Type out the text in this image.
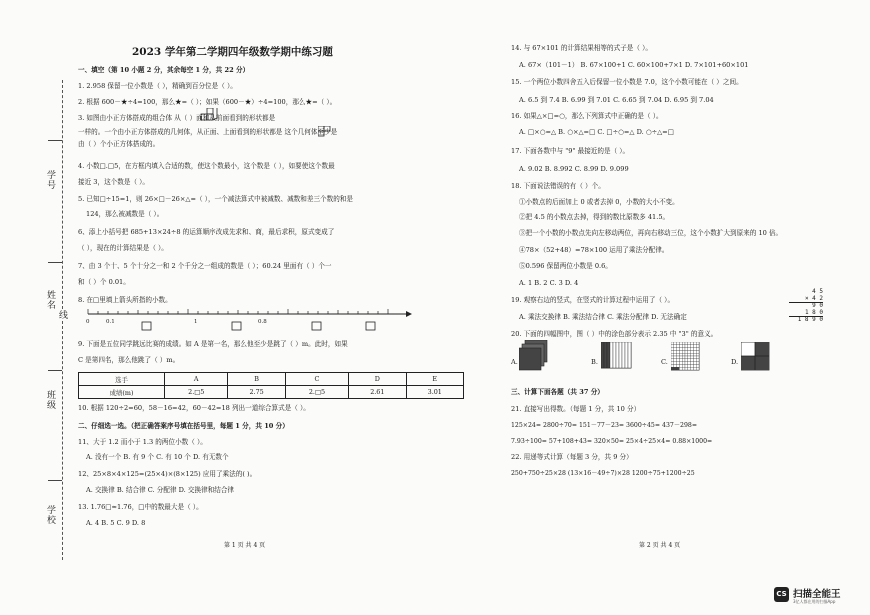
学号
姓名
班级
学校
线
2023 学年第二学期四年级数学期中练习题
一、填空（第 10 小题 2 分，其余每空 1 分，共 22 分）
1. 2.958 保留一位小数是（ ），精确到百分位是（ ）。
2. 根据 600－★÷4=100，那么★=（ ）；如果（600－★）÷4=100，那么★=（ ）。
3. 如图由小正方体搭成的组合体 从（ ）面和从前面看到的形状都是
一样的。一个由小正方体搭成的几何体，从正面、上面看到的形状都是 这个几何体至少是
由（ ）个小正方体搭成的。
4. 小数□.□5，在方框内填入合适的数，使这个数最小，这个数是（ ），如要使这个数最
接近 3，这个数是（ ）。
5. 已知□÷15=1，则 26×□－26×△=（ ），一个减法算式中被减数、减数和差三个数的和是
124，那么被减数是（ ）。
6、添上小括号把 685+13×24÷8 的运算顺序改成先求和、商，最后求积，原式变成了
（ ），现在的计算结果是（ ）。
7、由 3 个十、5 个十分之一和 2 个千分之一组成的数是（ ）；60.24 里面有（ ）个一
和（ ）个 0.01。
8. 在□里填上箭头所指的小数。
0	0.1	1	0.8
9. 下面是五位同学跳远比赛的成绩。如 A 是第一名，那么他至少是跳了（ ）m。此时，如果
C 是第四名，那么他跳了（ ）m。
选手	A	B	C	D	E
成绩(m)	2.□5	2.75	2.□5	2.61	3.01
10. 根据 120÷2=60，58－16=42，60－42=18 列出一道综合算式是（ ）。
二、仔细选一选。（把正确答案序号填在括号里，每题 1 分，共 10 分）
11、大于 1.2 而小于 1.3 的两位小数（ ）。
A. 没有一个 B. 有 9 个 C. 有 10 个 D. 有无数个
12、25×8×4×125=(25×4)×(8×125) 应用了乘法的( )。
A. 交换律 B. 结合律 C. 分配律 D. 交换律和结合律
13. 1.76□≈1.76，□中的数最大是（ ）。
A. 4 B. 5 C. 9 D. 8
第 1 页 共 4 页
14. 与 67×101 的计算结果相等的式子是（ ）。
A. 67×（101－1） B. 67×100+1 C. 60×100+7×1 D. 7×101+60×101
15. 一个两位小数四舍五入后保留一位小数是 7.0，这个小数可能在（ ）之间。
A. 6.5 到 7.4 B. 6.99 到 7.01 C. 6.65 到 7.04 D. 6.95 到 7.04
16. 如果△×□=○，那么下列算式中正确的是（ ）。
A. □×○=△ B. ○×△=□ C. □÷○=△ D. ○÷△=□
17. 下面各数中与 "9" 最接近的是（ ）。
A. 9.02 B. 8.992 C. 8.99 D. 9.099
18. 下面说法错误的有（ ）个。
①小数点的后面加上 0 或者去掉 0，小数的大小不变。
②把 4.5 的小数点去掉，得到的数比原数多 41.5。
③把一个小数的小数点先向左移动两位，再向右移动三位，这个小数扩大到原来的 10 倍。
④78×（52+48）=78×100 运用了乘法分配律。
⑤0.596 保留两位小数是 0.6。
A. 1 B. 2 C. 3 D. 4
19. 观察右边的竖式，在竖式的计算过程中运用了（ ）。
A. 乘法交换律 B. 乘法结合律 C. 乘法分配律 D. 无法确定
4 5
× 4 2
9 0
1 8 0
1 8 9 0
20. 下面的四幅图中，图（ ）中的涂色部分表示 2.35 中 "3" 的意义。
A.	B.	C.	D.
三、计算下面各题（共 37 分）
21. 直接写出得数。（每题 1 分，共 10 分）
125×24= 2800÷70= 151－77－23= 3600÷45= 437－298=
7.93÷100= 57+108+43= 320×50= 25×4÷25×4= 0.88×1000=
22. 用递等式计算（每题 3 分，共 9 分）
250+750÷25×28 (13×16－49÷7)×28 1200÷75+1200÷25
第 2 页 共 4 页
CS 扫描全能王
3亿人都在用的扫描App
